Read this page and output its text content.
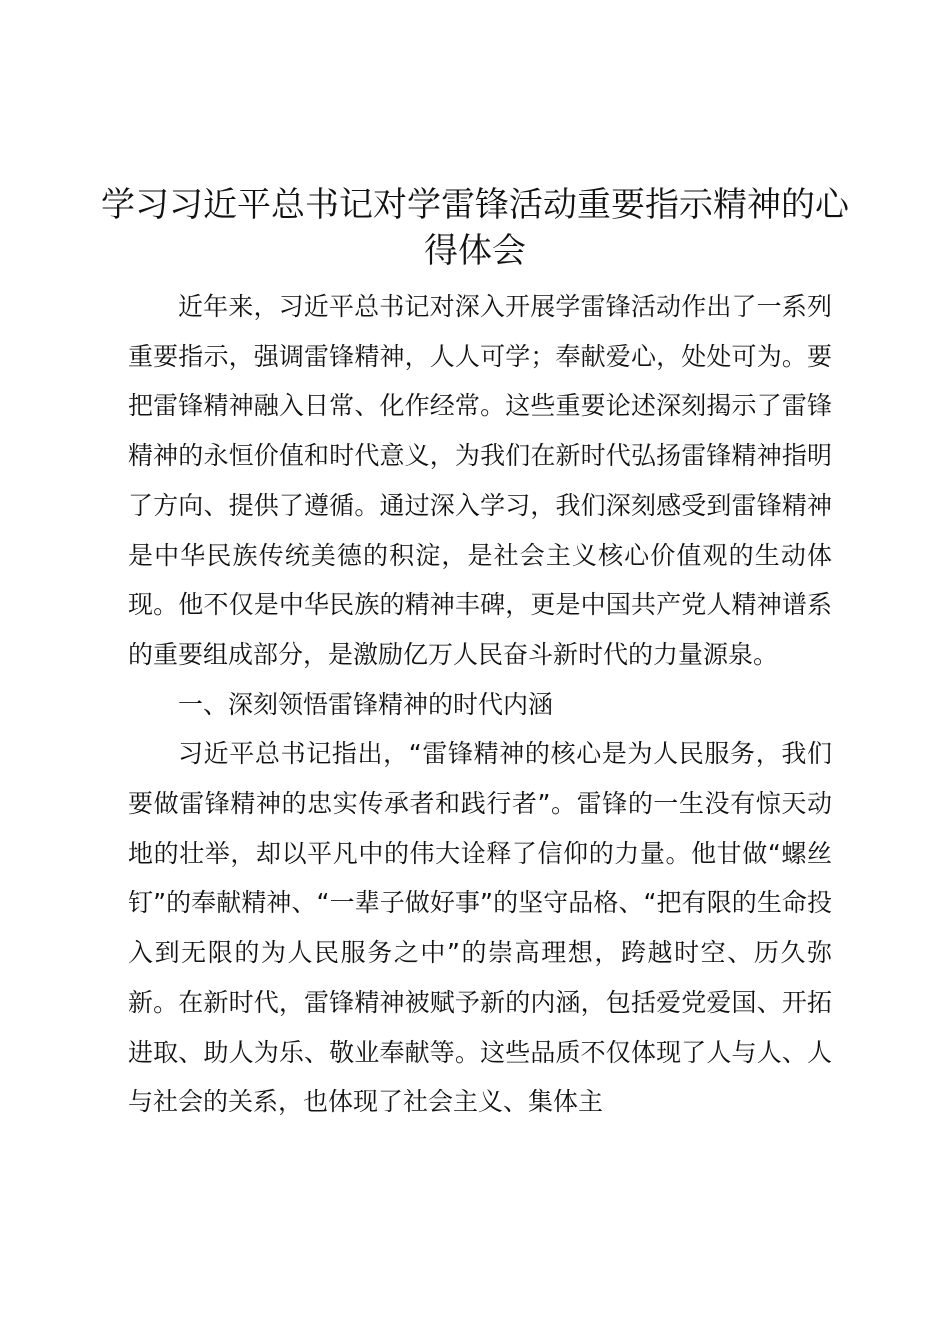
学习习近平总书记对学雷锋活动重要指示精神的心得体会

近年来，习近平总书记对深入开展学雷锋活动作出了一系列重要指示，强调雷锋精神，人人可学；奉献爱心，处处可为。要把雷锋精神融入日常、化作经常。这些重要论述深刻揭示了雷锋精神的永恒价值和时代意义，为我们在新时代弘扬雷锋精神指明了方向、提供了遵循。通过深入学习，我们深刻感受到雷锋精神是中华民族传统美德的积淀，是社会主义核心价值观的生动体现。他不仅是中华民族的精神丰碑，更是中国共产党人精神谱系的重要组成部分，是激励亿万人民奋斗新时代的力量源泉。

一、深刻领悟雷锋精神的时代内涵

习近平总书记指出，“雷锋精神的核心是为人民服务，我们要做雷锋精神的忠实传承者和践行者”。雷锋的一生没有惊天动地的壮举，却以平凡中的伟大诠释了信仰的力量。他甘做“螺丝钉”的奉献精神、“一辈子做好事”的坚守品格、“把有限的生命投入到无限的为人民服务之中”的崇高理想，跨越时空、历久弥新。在新时代，雷锋精神被赋予新的内涵，包括爱党爱国、开拓进取、助人为乐、敬业奉献等。这些品质不仅体现了人与人、人与社会的关系，也体现了社会主义、集体主
